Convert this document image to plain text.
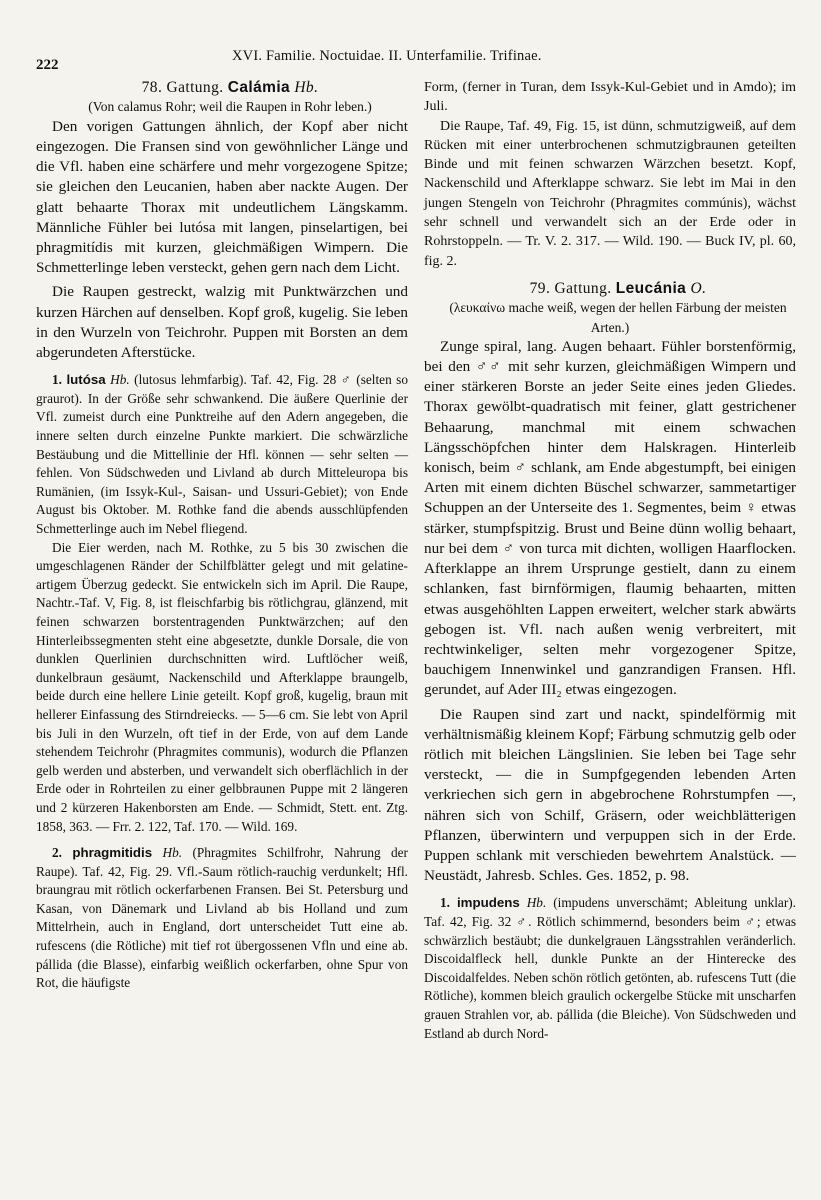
222
XVI. Familie. Noctuidae. II. Unterfamilie. Trifinae.

78. Gattung. Calámia Hb.

(Von calamus Rohr; weil die Raupen in Rohr leben.)

Den vorigen Gattungen ähnlich, der Kopf aber nicht eingezogen. Die Fransen sind von gewöhnlicher Länge und die Vfl. haben eine schärfere und mehr vorgezogene Spitze; sie gleichen den Leucanien, haben aber nackte Augen. Der glatt behaarte Thorax mit undeutlichem Längskamm. Männliche Fühler bei lutósa mit langen, pinselartigen, bei phragmitídis mit kurzen, gleichmäßigen Wimpern. Die Schmetterlinge leben versteckt, gehen gern nach dem Licht.

Die Raupen gestreckt, walzig mit Punktwärzchen und kurzen Härchen auf denselben. Kopf groß, kugelig. Sie leben in den Wurzeln von Teichrohr. Puppen mit Borsten an dem abgerundeten Afterstücke.

1. lutósa Hb. (lutosus lehmfarbig). Taf. 42, Fig. 28 ♂ (selten so graurot). In der Größe sehr schwankend. Die äußere Querlinie der Vfl. zumeist durch eine Punktreihe auf den Adern angegeben, die innere selten durch einzelne Punkte markiert. Die schwärzliche Bestäubung und die Mittellinie der Hfl. können — sehr selten — fehlen. Von Südschweden und Livland ab durch Mitteleuropa bis Rumänien, (im Issyk-Kul-, Saisan- und Ussuri-Gebiet); von Ende August bis Oktober. M. Rothke fand die abends ausschlüpfenden Schmetterlinge auch im Nebel fliegend.

Die Eier werden, nach M. Rothke, zu 5 bis 30 zwischen die umgeschlagenen Ränder der Schilfblätter gelegt und mit gelatine-artigem Überzug gedeckt. Sie entwickeln sich im April. Die Raupe, Nachtr.-Taf. V, Fig. 8, ist fleischfarbig bis rötlichgrau, glänzend, mit feinen schwarzen borstentragenden Punktwärzchen; auf den Hinterleibssegmenten steht eine abgesetzte, dunkle Dorsale, die von dunklen Querlinien durchschnitten wird. Luftlöcher weiß, dunkelbraun gesäumt, Nackenschild und Afterklappe braungelb, beide durch eine hellere Linie geteilt. Kopf groß, kugelig, braun mit hellerer Einfassung des Stirndreiecks. — 5—6 cm. Sie lebt von April bis Juli in den Wurzeln, oft tief in der Erde, von auf dem Lande stehendem Teichrohr (Phragmites communis), wodurch die Pflanzen gelb werden und absterben, und verwandelt sich oberflächlich in der Erde oder in Rohrteilen zu einer gelbbraunen Puppe mit 2 längeren und 2 kürzeren Hakenborsten am Ende. — Schmidt, Stett. ent. Ztg. 1858, 363. — Frr. 2. 122, Taf. 170. — Wild. 169.

2. phragmitidis Hb. (Phragmites Schilfrohr, Nahrung der Raupe). Taf. 42, Fig. 29. Vfl.-Saum rötlich-rauchig verdunkelt; Hfl. braungrau mit rötlich ockerfarbenen Fransen. Bei St. Petersburg und Kasan, von Dänemark und Livland ab bis Holland und zum Mittelrhein, auch in England, dort unterscheidet Tutt eine ab. rufescens (die Rötliche) mit tief rot übergossenen Vfln und eine ab. pállida (die Blasse), einfarbig weißlich ockerfarben, ohne Spur von Rot, die häufigste

Form, (ferner in Turan, dem Issyk-Kul-Gebiet und in Amdo); im Juli.

Die Raupe, Taf. 49, Fig. 15, ist dünn, schmutzigweiß, auf dem Rücken mit einer unterbrochenen schmutzigbraunen geteilten Binde und mit feinen schwarzen Wärzchen besetzt. Kopf, Nackenschild und Afterklappe schwarz. Sie lebt im Mai in den jungen Stengeln von Teichrohr (Phragmites commúnis), wächst sehr schnell und verwandelt sich an der Erde oder in Rohrstoppeln. — Tr. V. 2. 317. — Wild. 190. — Buck IV, pl. 60, fig. 2.

79. Gattung. Leucánia O.

(λευκαίνω mache weiß, wegen der hellen Färbung der meisten Arten.)

Zunge spiral, lang. Augen behaart. Fühler borstenförmig, bei den ♂♂ mit sehr kurzen, gleichmäßigen Wimpern und einer stärkeren Borste an jeder Seite eines jeden Gliedes. Thorax gewölbt-quadratisch mit feiner, glatt gestrichener Behaarung, manchmal mit einem schwachen Längsschöpfchen hinter dem Halskragen. Hinterleib konisch, beim ♂ schlank, am Ende abgestumpft, bei einigen Arten mit einem dichten Büschel schwarzer, sammetartiger Schuppen an der Unterseite des 1. Segmentes, beim ♀ etwas stärker, stumpfspitzig. Brust und Beine dünn wollig behaart, nur bei dem ♂ von turca mit dichten, wolligen Haarflocken. Afterklappe an ihrem Ursprunge gestielt, dann zu einem schlanken, fast birnförmigen, flaumig behaarten, mitten etwas ausgehöhlten Lappen erweitert, welcher stark abwärts gebogen ist. Vfl. nach außen wenig verbreitert, mit rechtwinkeliger, selten mehr vorgezogener Spitze, bauchigem Innenwinkel und ganzrandigen Fransen. Hfl. gerundet, auf Ader III₂ etwas eingezogen.

Die Raupen sind zart und nackt, spindelförmig mit verhältnismäßig kleinem Kopf; Färbung schmutzig gelb oder rötlich mit bleichen Längslinien. Sie leben bei Tage sehr versteckt, — die in Sumpfgegenden lebenden Arten verkriechen sich gern in abgebrochene Rohrstumpfen —, nähren sich von Schilf, Gräsern, oder weichblätterigen Pflanzen, überwintern und verpuppen sich in der Erde. Puppen schlank mit verschieden bewehrtem Analstück. — Neustädt, Jahresb. Schles. Ges. 1852, p. 98.

1. impudens Hb. (impudens unverschämt; Ableitung unklar). Taf. 42, Fig. 32 ♂. Rötlich schimmernd, besonders beim ♂; etwas schwärzlich bestäubt; die dunkelgrauen Längsstrahlen veränderlich. Discoidalfleck hell, dunkle Punkte an der Hinterecke des Discoidalfeldes. Neben schön rötlich getönten, ab. rufescens Tutt (die Rötliche), kommen bleich graulich ockergelbe Stücke mit unscharfen grauen Strahlen vor, ab. pállida (die Bleiche). Von Südschweden und Estland ab durch Nord-
